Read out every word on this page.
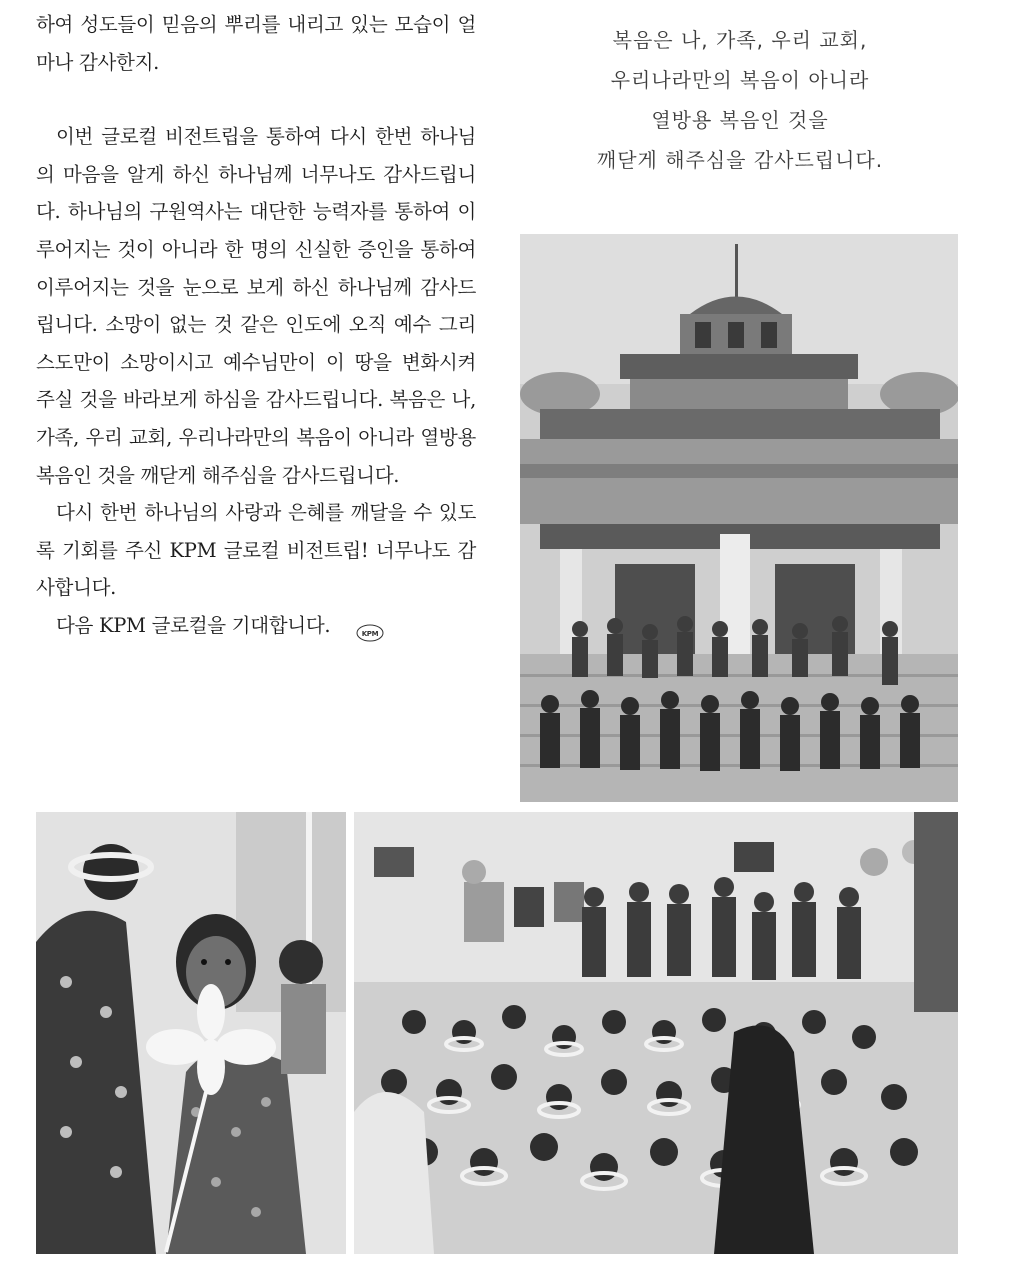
하여 성도들이 믿음의 뿌리를 내리고 있는 모습이 얼마나 감사한지.

이번 글로컬 비전트립을 통하여 다시 한번 하나님의 마음을 알게 하신 하나님께 너무나도 감사드립니다. 하나님의 구원역사는 대단한 능력자를 통하여 이루어지는 것이 아니라 한 명의 신실한 증인을 통하여 이루어지는 것을 눈으로 보게 하신 하나님께 감사드립니다. 소망이 없는 것 같은 인도에 오직 예수 그리스도만이 소망이시고 예수님만이 이 땅을 변화시켜 주실 것을 바라보게 하심을 감사드립니다. 복음은 나, 가족, 우리 교회, 우리나라만의 복음이 아니라 열방용 복음인 것을 깨닫게 해주심을 감사드립니다.

다시 한번 하나님의 사랑과 은혜를 깨달을 수 있도록 기회를 주신 KPM 글로컬 비전트립! 너무나도 감사합니다.

다음 KPM 글로컬을 기대합니다.	KPM

복음은 나, 가족, 우리 교회,

우리나라만의 복음이 아니라

열방용 복음인 것을

깨닫게 해주심을 감사드립니다.
